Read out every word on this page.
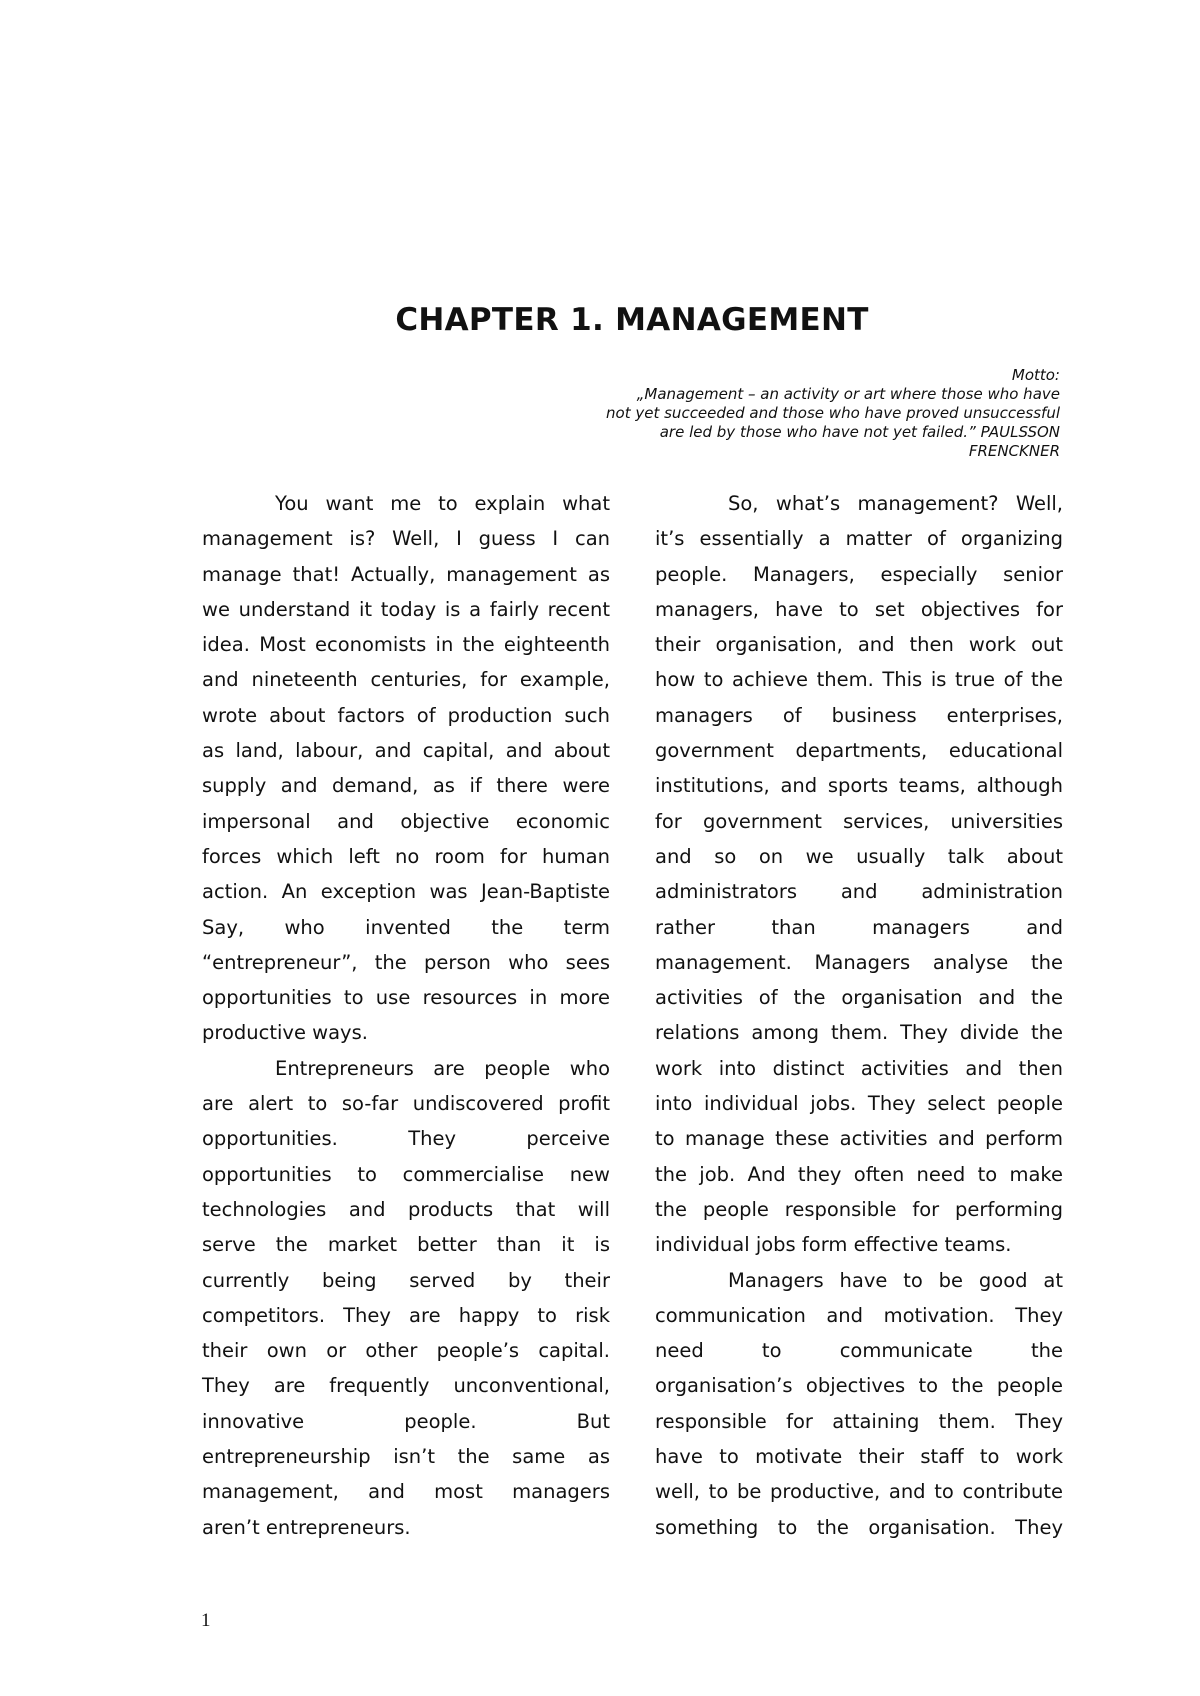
CHAPTER 1. MANAGEMENT
Motto:
„Management – an activity or art where those who have
not yet succeeded and those who have proved unsuccessful
are led by those who have not yet failed.” PAULSSON
FRENCKNER
You want me to explain what
management is? Well, I guess I can
manage that! Actually, management as
we understand it today is a fairly recent
idea. Most economists in the eighteenth
and nineteenth centuries, for example,
wrote about factors of production such
as land, labour, and capital, and about
supply and demand, as if there were
impersonal and objective economic
forces which left no room for human
action. An exception was Jean-Baptiste
Say, who invented the term
“entrepreneur”, the person who sees
opportunities to use resources in more
productive ways.
Entrepreneurs are people who
are alert to so-far undiscovered profit
opportunities. They perceive
opportunities to commercialise new
technologies and products that will
serve the market better than it is
currently being served by their
competitors. They are happy to risk
their own or other people’s capital.
They are frequently unconventional,
innovative people. But
entrepreneurship isn’t the same as
management, and most managers
aren’t entrepreneurs.
So, what’s management? Well,
it’s essentially a matter of organizing
people. Managers, especially senior
managers, have to set objectives for
their organisation, and then work out
how to achieve them. This is true of the
managers of business enterprises,
government departments, educational
institutions, and sports teams, although
for government services, universities
and so on we usually talk about
administrators and administration
rather than managers and
management. Managers analyse the
activities of the organisation and the
relations among them. They divide the
work into distinct activities and then
into individual jobs. They select people
to manage these activities and perform
the job. And they often need to make
the people responsible for performing
individual jobs form effective teams.
Managers have to be good at
communication and motivation. They
need to communicate the
organisation’s objectives to the people
responsible for attaining them. They
have to motivate their staff to work
well, to be productive, and to contribute
something to the organisation. They
1
